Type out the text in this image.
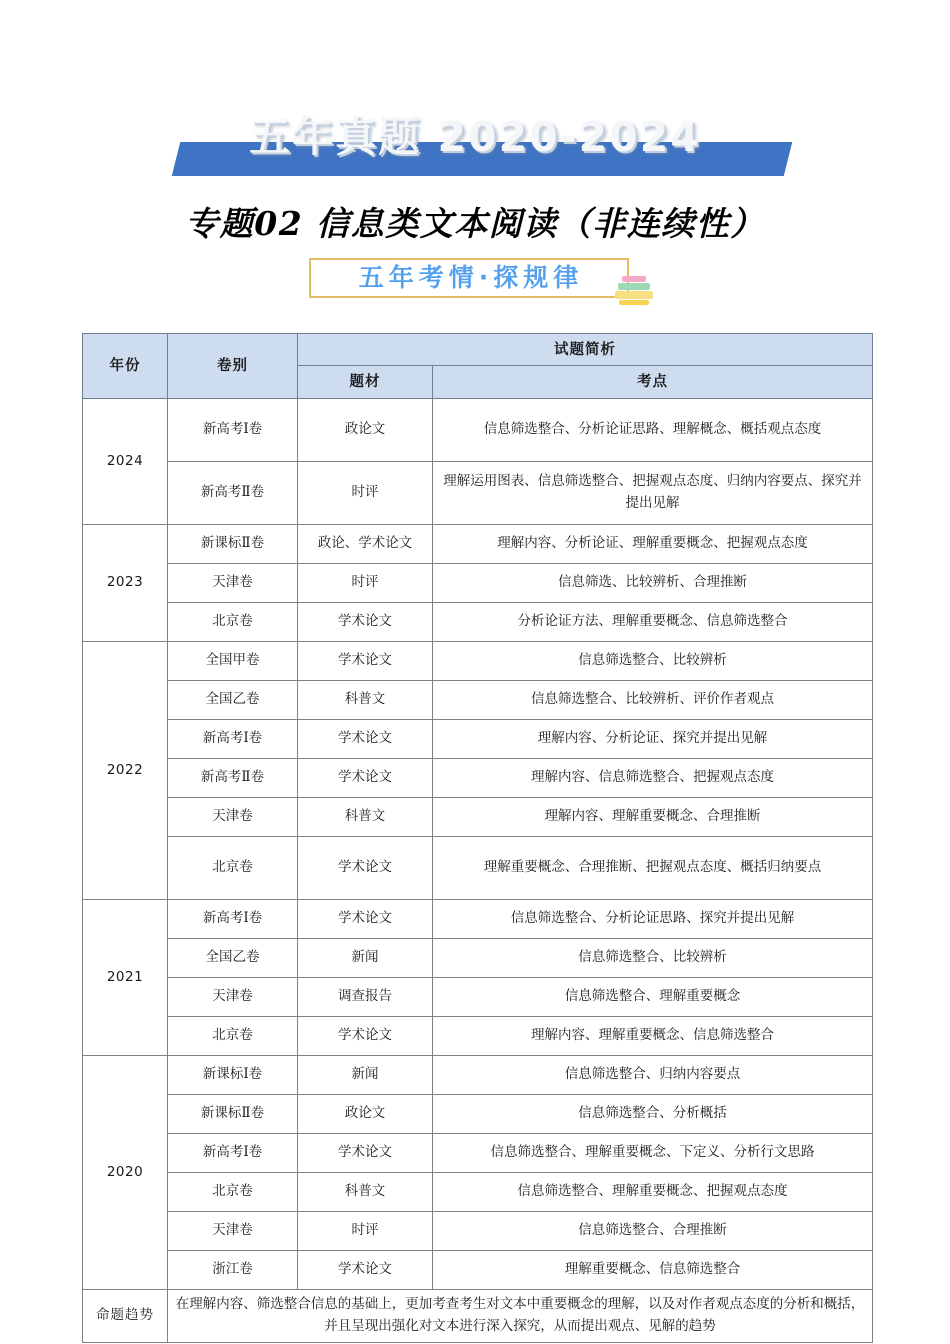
五年真题 2020-2024
专题02 信息类文本阅读（非连续性）
五年考情·探规律
年份	卷别	试题简析	
		题材	考点
2024	新高考Ⅰ卷	政论文	信息筛选整合、分析论证思路、理解概念、概括观点态度
	新高考Ⅱ卷	时评	理解运用图表、信息筛选整合、把握观点态度、归纳内容要点、探究并提出见解
2023	新课标Ⅱ卷	政论、学术论文	理解内容、分析论证、理解重要概念、把握观点态度
	天津卷	时评	信息筛选、比较辨析、合理推断
	北京卷	学术论文	分析论证方法、理解重要概念、信息筛选整合
2022	全国甲卷	学术论文	信息筛选整合、比较辨析
	全国乙卷	科普文	信息筛选整合、比较辨析、评价作者观点
	新高考Ⅰ卷	学术论文	理解内容、分析论证、探究并提出见解
	新高考Ⅱ卷	学术论文	理解内容、信息筛选整合、把握观点态度
	天津卷	科普文	理解内容、理解重要概念、合理推断
	北京卷	学术论文	理解重要概念、合理推断、把握观点态度、概括归纳要点
2021	新高考Ⅰ卷	学术论文	信息筛选整合、分析论证思路、探究并提出见解
	全国乙卷	新闻	信息筛选整合、比较辨析
	天津卷	调查报告	信息筛选整合、理解重要概念
	北京卷	学术论文	理解内容、理解重要概念、信息筛选整合
2020	新课标Ⅰ卷	新闻	信息筛选整合、归纳内容要点
	新课标Ⅱ卷	政论文	信息筛选整合、分析概括
	新高考Ⅰ卷	学术论文	信息筛选整合、理解重要概念、下定义、分析行文思路
	北京卷	科普文	信息筛选整合、理解重要概念、把握观点态度
	天津卷	时评	信息筛选整合、合理推断
	浙江卷	学术论文	理解重要概念、信息筛选整合
命题趋势	在理解内容、筛选整合信息的基础上，更加考查考生对文本中重要概念的理解，以及对作者观点态度的分析和概括，并且呈现出强化对文本进行深入探究，从而提出观点、见解的趋势		
